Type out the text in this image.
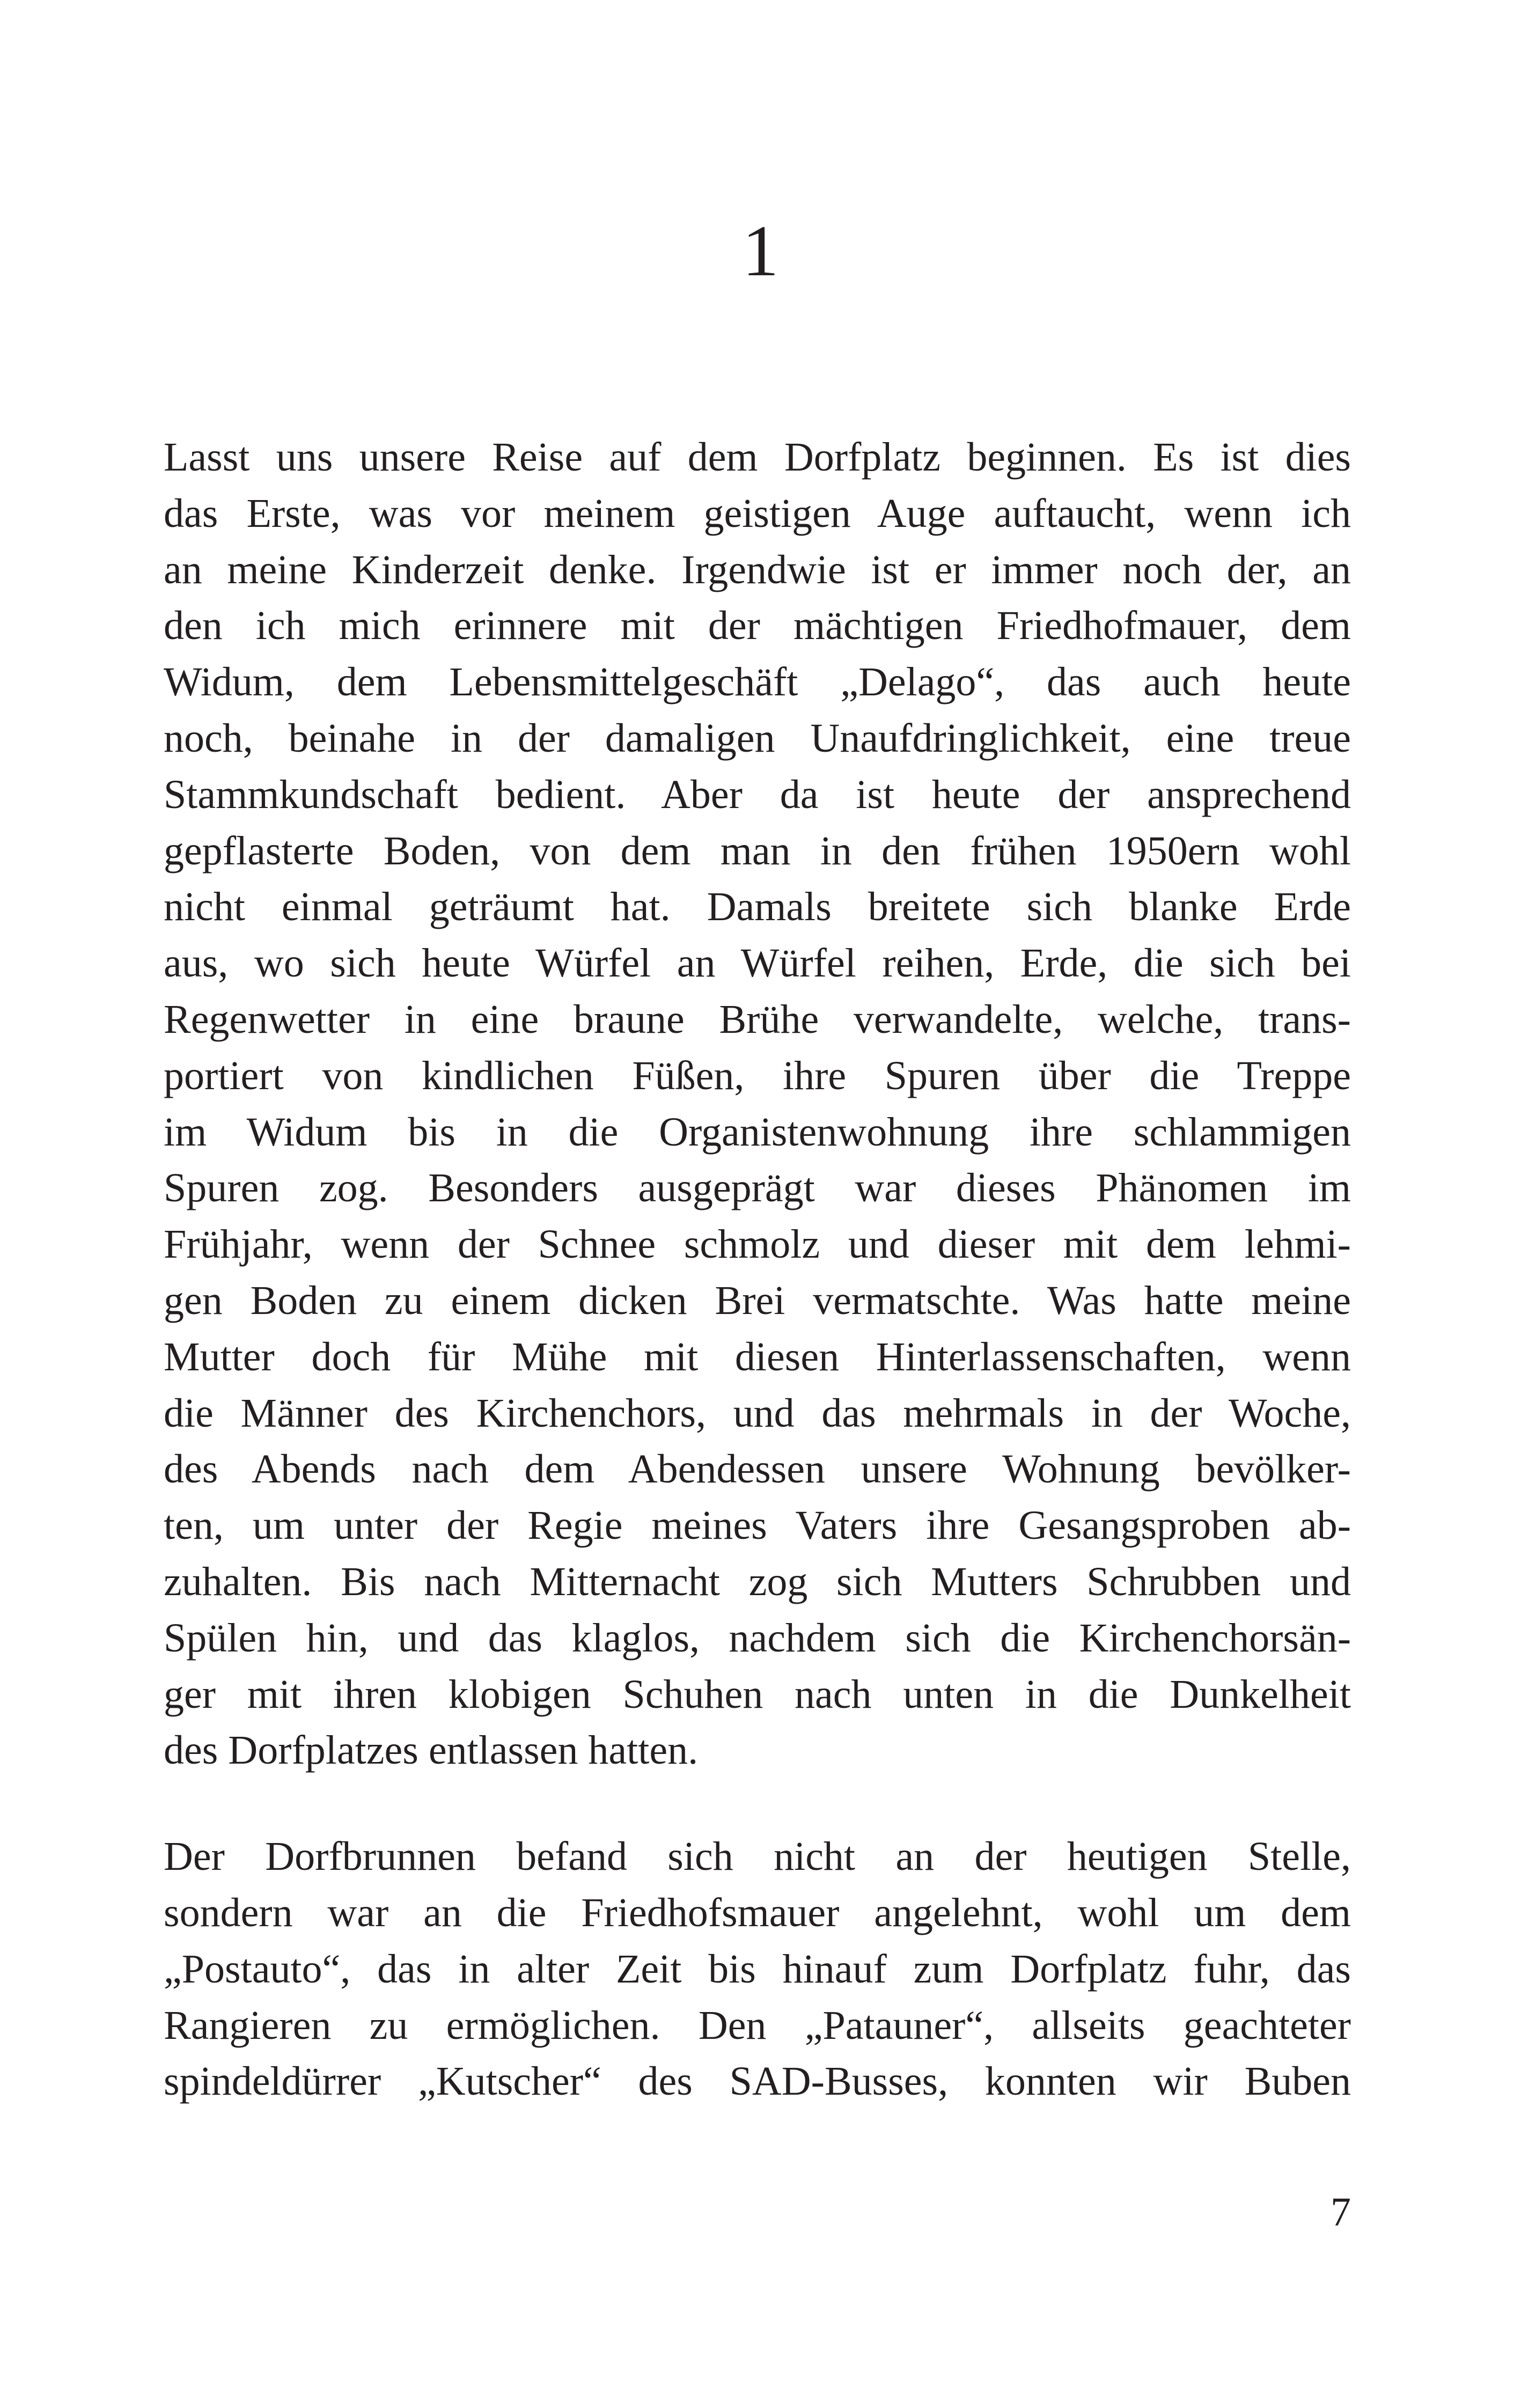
1

Lasst uns unsere Reise auf dem Dorfplatz beginnen. Es ist dies
das Erste, was vor meinem geistigen Auge auftaucht, wenn ich
an meine Kinderzeit denke. Irgendwie ist er immer noch der, an
den ich mich erinnere mit der mächtigen Friedhofmauer, dem
Widum, dem Lebensmittelgeschäft „Delago“, das auch heute
noch, beinahe in der damaligen Unaufdringlichkeit, eine treue
Stammkundschaft bedient. Aber da ist heute der ansprechend
gepflasterte Boden, von dem man in den frühen 1950ern wohl
nicht einmal geträumt hat. Damals breitete sich blanke Erde
aus, wo sich heute Würfel an Würfel reihen, Erde, die sich bei
Regenwetter in eine braune Brühe verwandelte, welche, trans-
portiert von kindlichen Füßen, ihre Spuren über die Treppe
im Widum bis in die Organistenwohnung ihre schlammigen
Spuren zog. Besonders ausgeprägt war dieses Phänomen im
Frühjahr, wenn der Schnee schmolz und dieser mit dem lehmi-
gen Boden zu einem dicken Brei vermatschte. Was hatte meine
Mutter doch für Mühe mit diesen Hinterlassenschaften, wenn
die Männer des Kirchenchors, und das mehrmals in der Woche,
des Abends nach dem Abendessen unsere Wohnung bevölker-
ten, um unter der Regie meines Vaters ihre Gesangsproben ab-
zuhalten. Bis nach Mitternacht zog sich Mutters Schrubben und
Spülen hin, und das klaglos, nachdem sich die Kirchenchorsän-
ger mit ihren klobigen Schuhen nach unten in die Dunkelheit
des Dorfplatzes entlassen hatten.

Der Dorfbrunnen befand sich nicht an der heutigen Stelle,
sondern war an die Friedhofsmauer angelehnt, wohl um dem
„Postauto“, das in alter Zeit bis hinauf zum Dorfplatz fuhr, das
Rangieren zu ermöglichen. Den „Patauner“, allseits geachteter
spindeldürrer „Kutscher“ des SAD-Busses, konnten wir Buben

7
